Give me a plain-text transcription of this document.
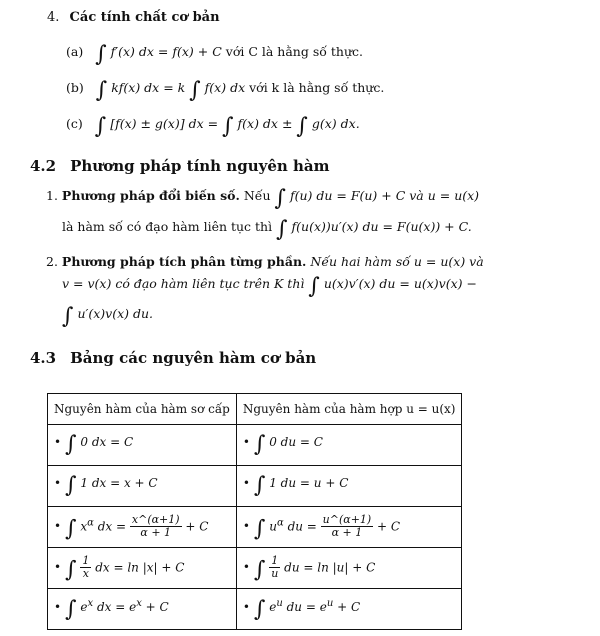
4. Các tính chất cơ bản
(a) ∫ f′(x) dx = f(x) + C với C là hằng số thực.
(b) ∫ kf(x) dx = k ∫ f(x) dx với k là hằng số thực.
(c) ∫ [f(x) ± g(x)] dx = ∫ f(x) dx ± ∫ g(x) dx.
4.2 Phương pháp tính nguyên hàm
1. Phương pháp đổi biến số. Nếu ∫ f(u) du = F(u) + C và u = u(x)
là hàm số có đạo hàm liên tục thì ∫ f(u(x))u′(x) du = F(u(x)) + C.
2. Phương pháp tích phân từng phần. Nếu hai hàm số u = u(x) và
v = v(x) có đạo hàm liên tục trên K thì ∫ u(x)v′(x) du = u(x)v(x) −
∫ u′(x)v(x) du.
4.3 Bảng các nguyên hàm cơ bản
Nguyên hàm của hàm sơ cấp	Nguyên hàm của hàm hợp u = u(x)
• ∫ 0 dx = C	• ∫ 0 du = C
• ∫ 1 dx = x + C	• ∫ 1 du = u + C
• ∫ $x^\alpha$ dx = $\frac{x\^{}(\alpha+1)}{\alpha + 1} + C$	• ∫ $u^\alpha$ du = $\frac{u\^{}(\alpha+1)}{\alpha + 1} + C$
• ∫ $\frac{1}{x}$ dx = ln |x| + C	• ∫ $\frac{1}{u}$ du = ln |u| + C
• ∫ $e^x$ dx = $e^x + C$	• ∫ $e^u$ du = $e^u + C$
